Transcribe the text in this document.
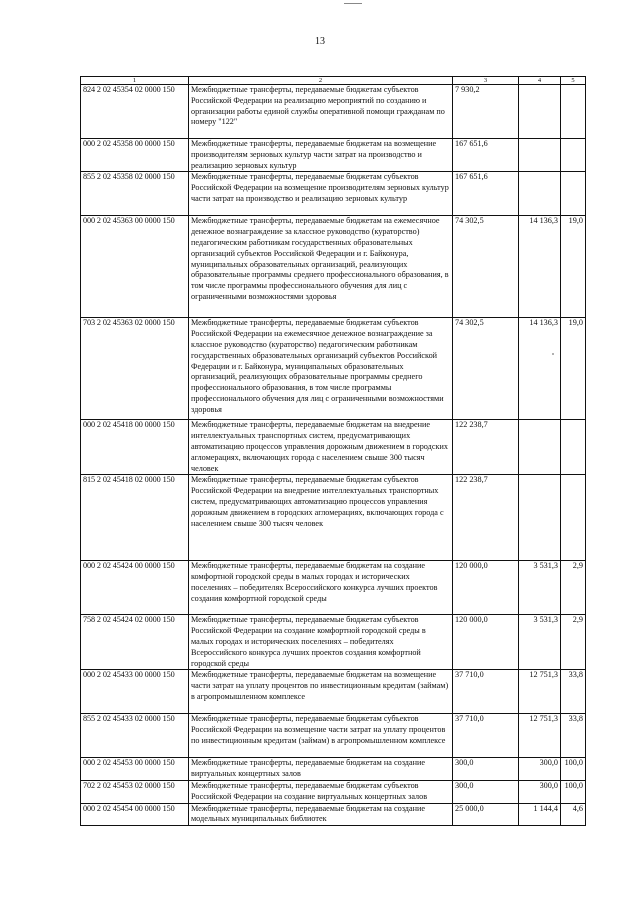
13
1	2	3	4	5
824 2 02 45354 02 0000 150	Межбюджетные трансферты, передаваемые бюджетам субъектов Российской Федерации на реализацию мероприятий по созданию и организации работы единой службы оперативной помощи гражданам по номеру "122"	7 930,2		
000 2 02 45358 00 0000 150	Межбюджетные трансферты, передаваемые бюджетам на возмещение производителям зерновых культур части затрат на производство и реализацию зерновых культур	167 651,6		
855 2 02 45358 02 0000 150	Межбюджетные трансферты, передаваемые бюджетам субъектов Российской Федерации на возмещение производителям зерновых культур части затрат на производство и реализацию зерновых культур	167 651,6		
000 2 02 45363 00 0000 150	Межбюджетные трансферты, передаваемые бюджетам на ежемесячное денежное вознаграждение за классное руководство (кураторство) педагогическим работникам государственных образовательных организаций субъектов Российской Федерации и г. Байконура, муниципальных образовательных организаций, реализующих образовательные программы среднего профессионального образования, в том числе программы профессионального обучения для лиц с ограниченными возможностями здоровья	74 302,5	14 136,3	19,0
703 2 02 45363 02 0000 150	Межбюджетные трансферты, передаваемые бюджетам субъектов Российской Федерации на ежемесячное денежное вознаграждение за классное руководство (кураторство) педагогическим работникам государственных образовательных организаций субъектов Российской Федерации и г. Байконура, муниципальных образовательных организаций, реализующих образовательные программы среднего профессионального образования, в том числе программы профессионального обучения для лиц с ограниченными возможностями здоровья	74 302,5	14 136,3	19,0
000 2 02 45418 00 0000 150	Межбюджетные трансферты, передаваемые бюджетам на внедрение интеллектуальных транспортных систем, предусматривающих автоматизацию процессов управления дорожным движением в городских агломерациях, включающих города с населением свыше 300 тысяч человек	122 238,7		
815 2 02 45418 02 0000 150	Межбюджетные трансферты, передаваемые бюджетам субъектов Российской Федерации на внедрение интеллектуальных транспортных систем, предусматривающих автоматизацию процессов управления дорожным движением в городских агломерациях, включающих города с населением свыше 300 тысяч человек	122 238,7		
000 2 02 45424 00 0000 150	Межбюджетные трансферты, передаваемые бюджетам на создание комфортной городской среды в малых городах и исторических поселениях – победителях Всероссийского конкурса лучших проектов создания комфортной городской среды	120 000,0	3 531,3	2,9
758 2 02 45424 02 0000 150	Межбюджетные трансферты, передаваемые бюджетам субъектов Российской Федерации на создание комфортной городской среды в малых городах и исторических поселениях – победителях Всероссийского конкурса лучших проектов создания комфортной городской среды	120 000,0	3 531,3	2,9
000 2 02 45433 00 0000 150	Межбюджетные трансферты, передаваемые бюджетам на возмещение части затрат на уплату процентов по инвестиционным кредитам (займам) в агропромышленном комплексе	37 710,0	12 751,3	33,8
855 2 02 45433 02 0000 150	Межбюджетные трансферты, передаваемые бюджетам субъектов Российской Федерации на возмещение части затрат на уплату процентов по инвестиционным кредитам (займам) в агропромышленном комплексе	37 710,0	12 751,3	33,8
000 2 02 45453 00 0000 150	Межбюджетные трансферты, передаваемые бюджетам на создание виртуальных концертных залов	300,0	300,0	100,0
702 2 02 45453 02 0000 150	Межбюджетные трансферты, передаваемые бюджетам субъектов Российской Федерации на создание виртуальных концертных залов	300,0	300,0	100,0
000 2 02 45454 00 0000 150	Межбюджетные трансферты, передаваемые бюджетам на создание модельных муниципальных библиотек	25 000,0	1 144,4	4,6
